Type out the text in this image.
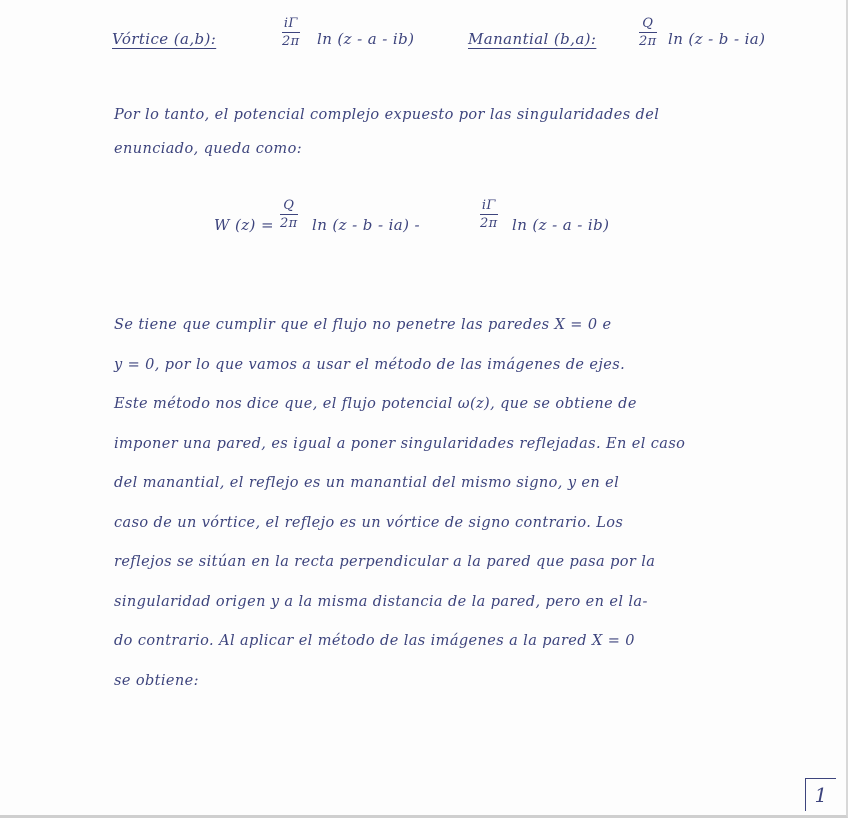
Vórtice (a,b):
iΓ
2π ln (z - a - ib)	Manantial (b,a):
Q
2π ln (z - b - ia)
Por lo tanto, el potencial complejo expuesto por las singularidades del
enunciado, queda como:
W (z) =
Q
2π ln (z - b - ia) -
iΓ
2π ln (z - a - ib)
Se tiene que cumplir que el flujo no penetre las paredes X = 0 e
y = 0, por lo que vamos a usar el método de las imágenes de ejes.
Este método nos dice que, el flujo potencial ω(z), que se obtiene de
imponer una pared, es igual a poner singularidades reflejadas. En el caso
del manantial, el reflejo es un manantial del mismo signo, y en el
caso de un vórtice, el reflejo es un vórtice de signo contrario. Los
reflejos se sitúan en la recta perpendicular a la pared que pasa por la
singularidad origen y a la misma distancia de la pared, pero en el la-
do contrario. Al aplicar el método de las imágenes a la pared X = 0
se obtiene:
1
